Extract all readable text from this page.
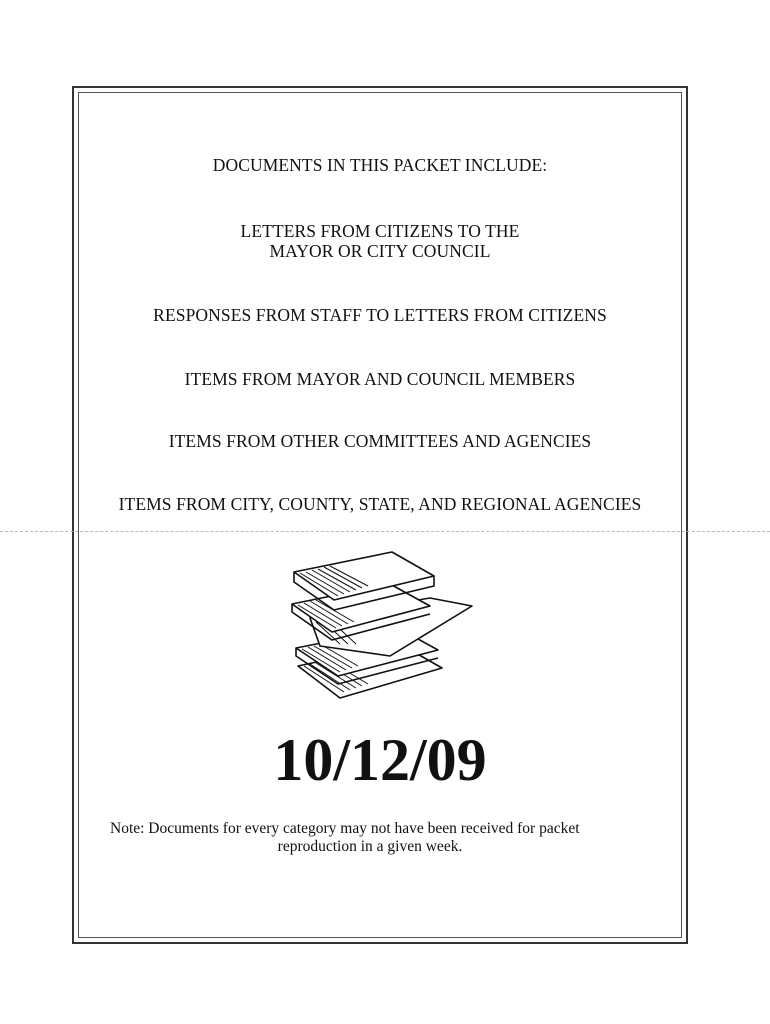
DOCUMENTS IN THIS PACKET INCLUDE:
LETTERS FROM CITIZENS TO THE
MAYOR OR CITY COUNCIL
RESPONSES FROM STAFF TO LETTERS FROM CITIZENS
ITEMS FROM MAYOR AND COUNCIL MEMBERS
ITEMS FROM OTHER COMMITTEES AND AGENCIES
ITEMS FROM CITY, COUNTY, STATE, AND REGIONAL AGENCIES
10/12/09
Note: Documents for every category may not have been received for packet
reproduction in a given week.
